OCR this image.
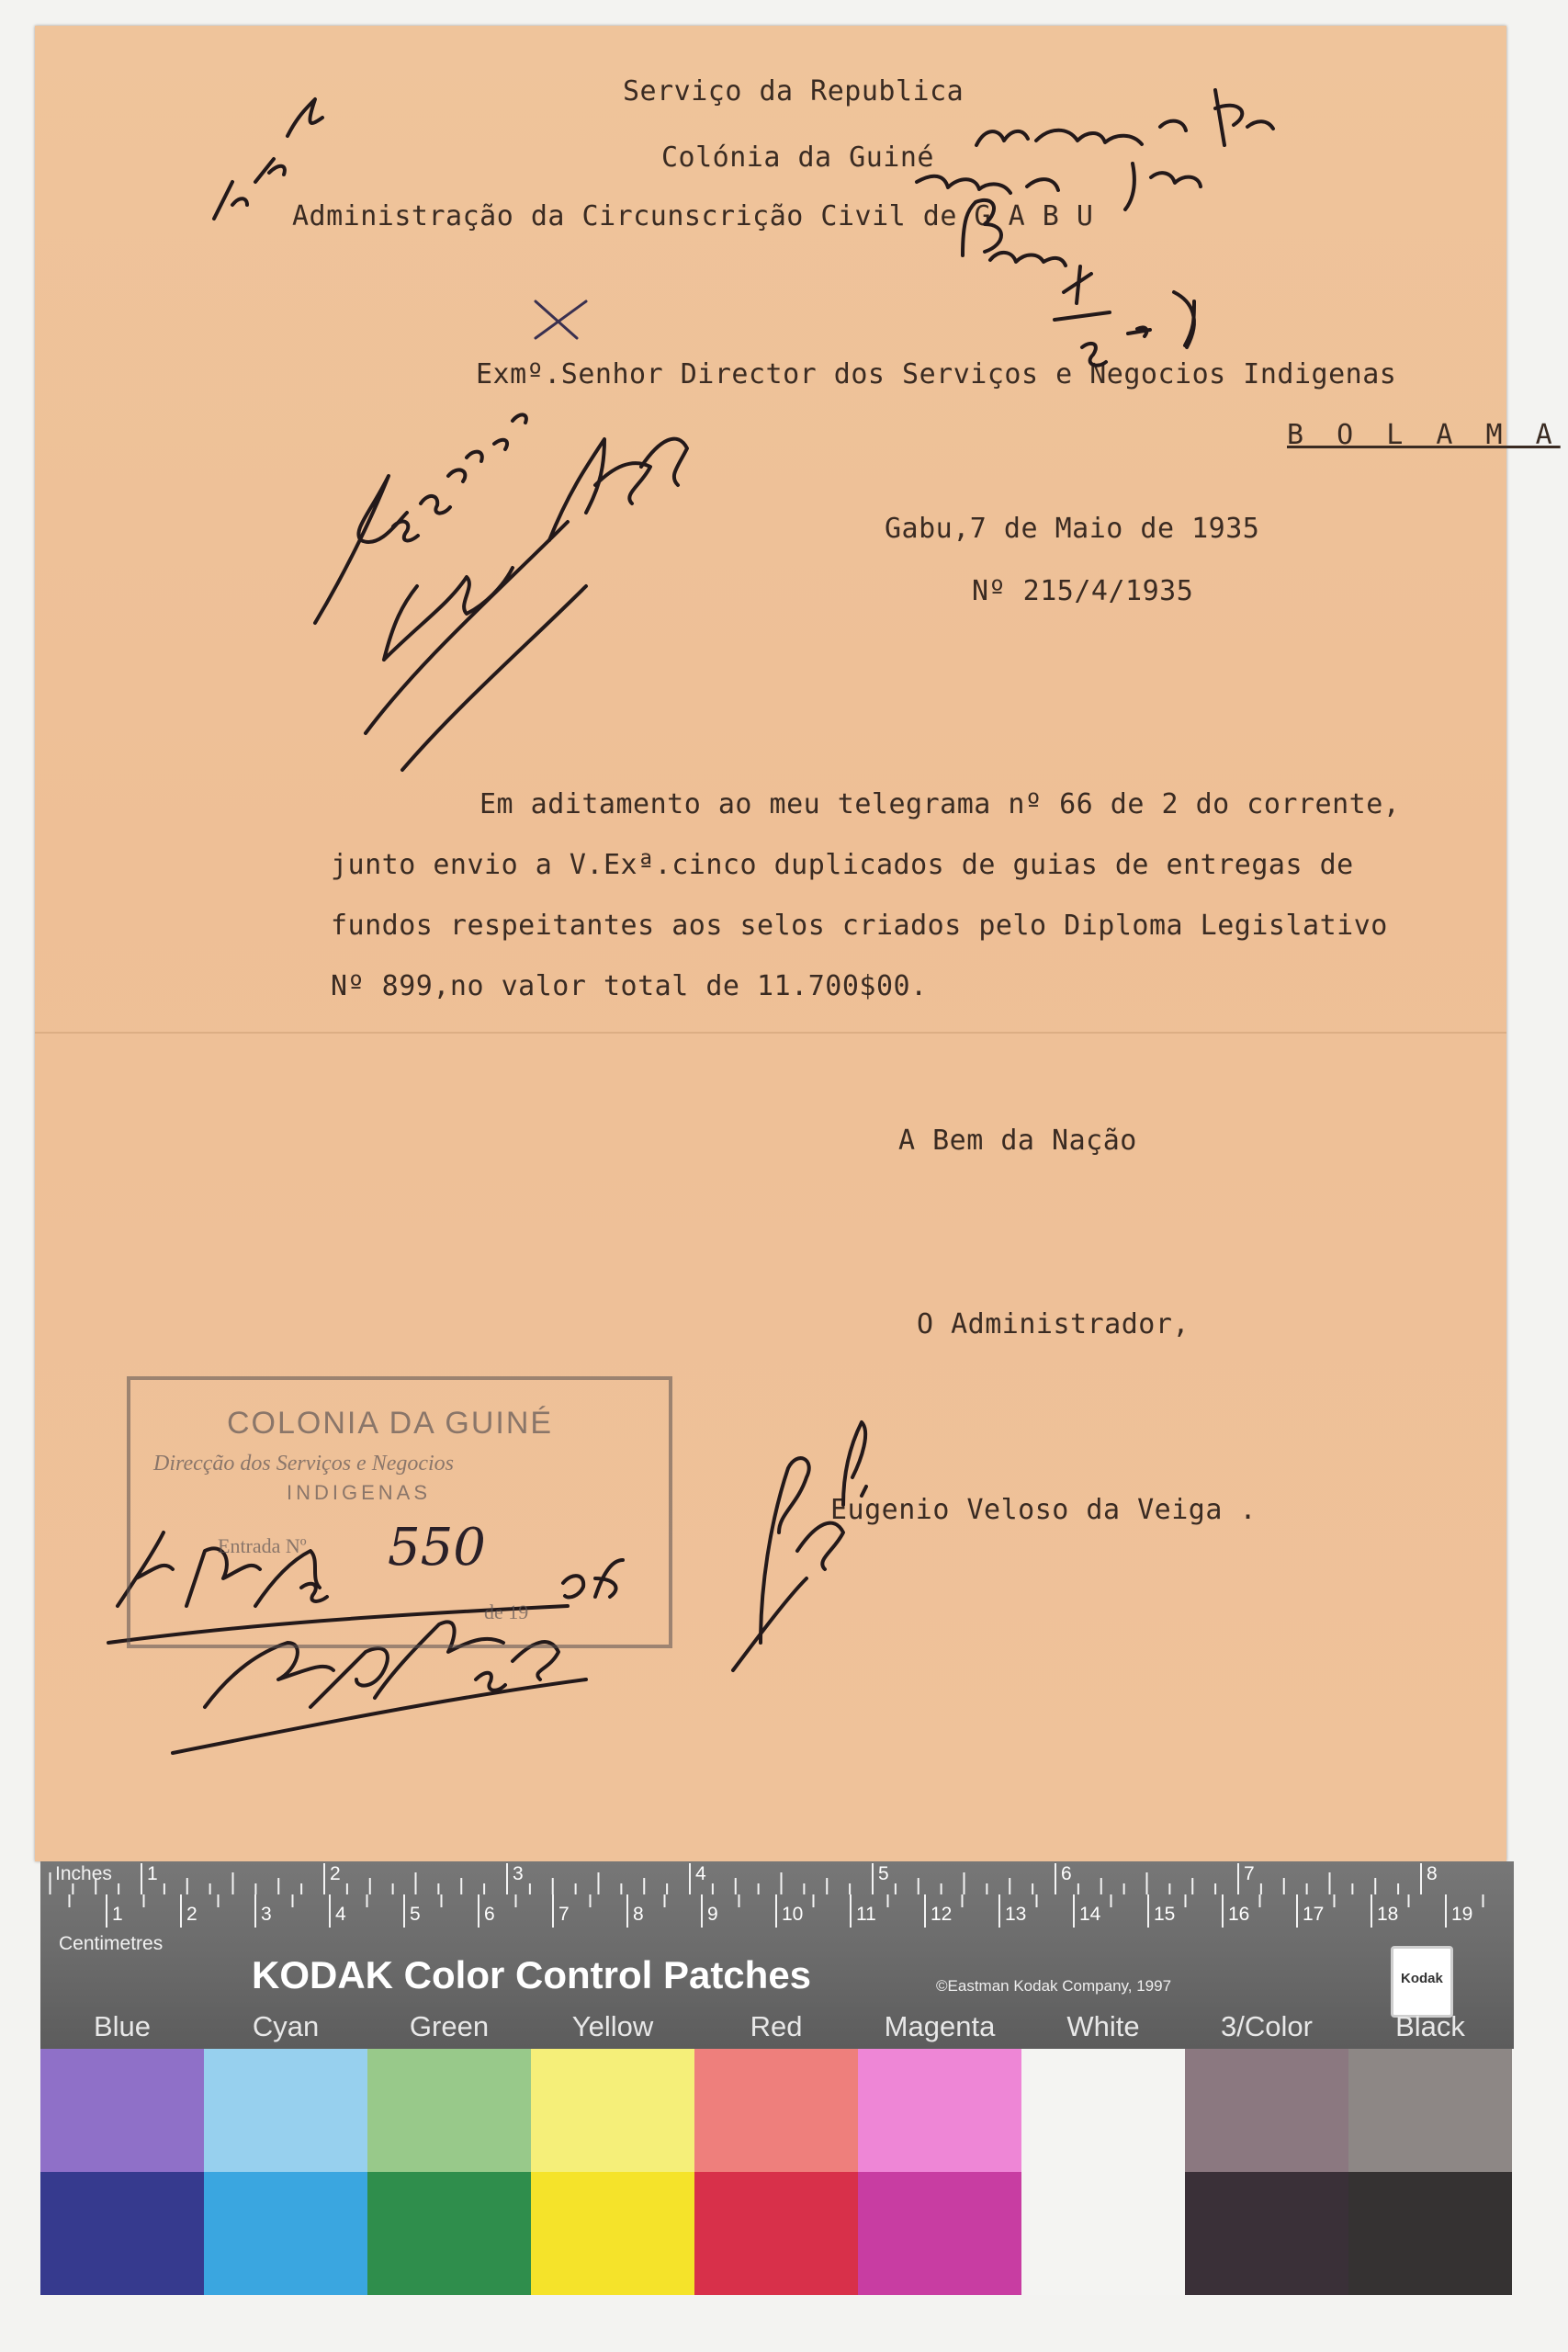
Serviço da Republica
Colónia da Guiné
Administração da Circunscrição Civil de G A B U
Exmº.Senhor Director dos Serviços e Negocios Indigenas
B O L A M A
Gabu,7 de Maio de 1935
Nº 215/4/1935
Em aditamento ao meu telegrama nº 66 de 2 do corrente,
junto envio a V.Exª.cinco duplicados de guias de entregas de
fundos respeitantes aos selos criados pelo Diploma Legislativo
Nº 899,no valor total de 11.700$00.
A Bem da Nação
O Administrador,
Eugenio Veloso da Veiga .
COLONIA DA GUINÉ
Direcção dos Serviços e Negocios
INDIGENAS
Entrada Nº 550
de 19
Inches
Centimetres
1	2	3	4	5	6	7	8
1	2	3	4	5	6	7	8	9	10	11	12	13	14	15	16	17	18	19
KODAK Color Control Patches	©Eastman Kodak Company, 1997	Kodak
Blue	Cyan	Green	Yellow	Red	Magenta	White	3/Color	Black
